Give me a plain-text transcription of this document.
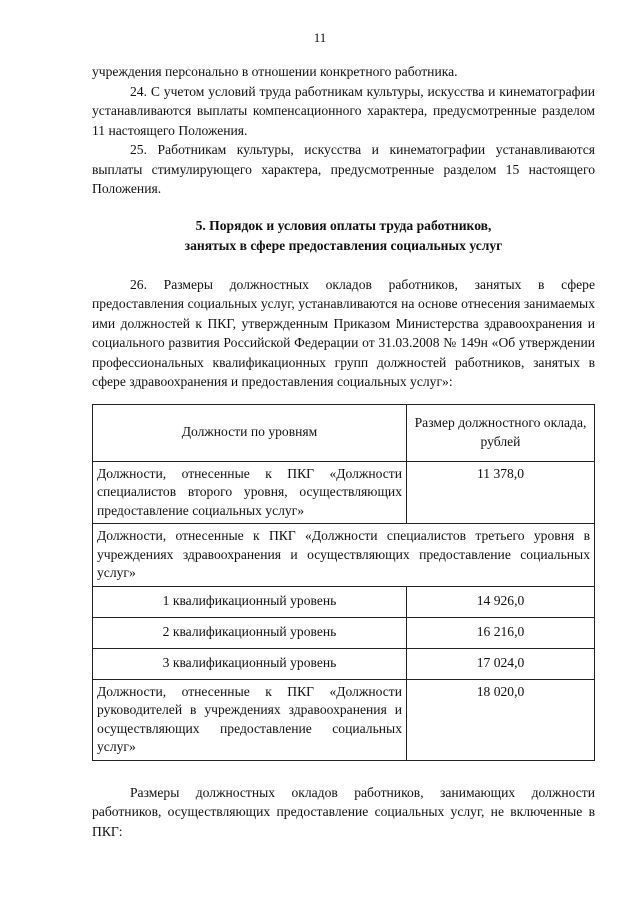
11

учреждения персонально в отношении конкретного работника.

24. С учетом условий труда работникам культуры, искусства и кинематографии устанавливаются выплаты компенсационного характера, предусмотренные разделом 11 настоящего Положения.

25. Работникам культуры, искусства и кинематографии устанавливаются выплаты стимулирующего характера, предусмотренные разделом 15 настоящего Положения.

5. Порядок и условия оплаты труда работников,
занятых в сфере предоставления социальных услуг

26. Размеры должностных окладов работников, занятых в сфере предоставления социальных услуг, устанавливаются на основе отнесения занимаемых ими должностей к ПКГ, утвержденным Приказом Министерства здравоохранения и социального развития Российской Федерации от 31.03.2008 № 149н «Об утверждении профессиональных квалификационных групп должностей работников, занятых в сфере здравоохранения и предоставления социальных услуг»:

Должности по уровням	Размер должностного оклада, рублей
Должности, отнесенные к ПКГ «Должности специалистов второго уровня, осуществляющих предоставление социальных услуг»	11 378,0
Должности, отнесенные к ПКГ «Должности специалистов третьего уровня в учреждениях здравоохранения и осуществляющих предоставление социальных услуг»	
1 квалификационный уровень	14 926,0
2 квалификационный уровень	16 216,0
3 квалификационный уровень	17 024,0
Должности, отнесенные к ПКГ «Должности руководителей в учреждениях здравоохранения и осуществляющих предоставление социальных услуг»	18 020,0

Размеры должностных окладов работников, занимающих должности работников, осуществляющих предоставление социальных услуг, не включенные в ПКГ:
